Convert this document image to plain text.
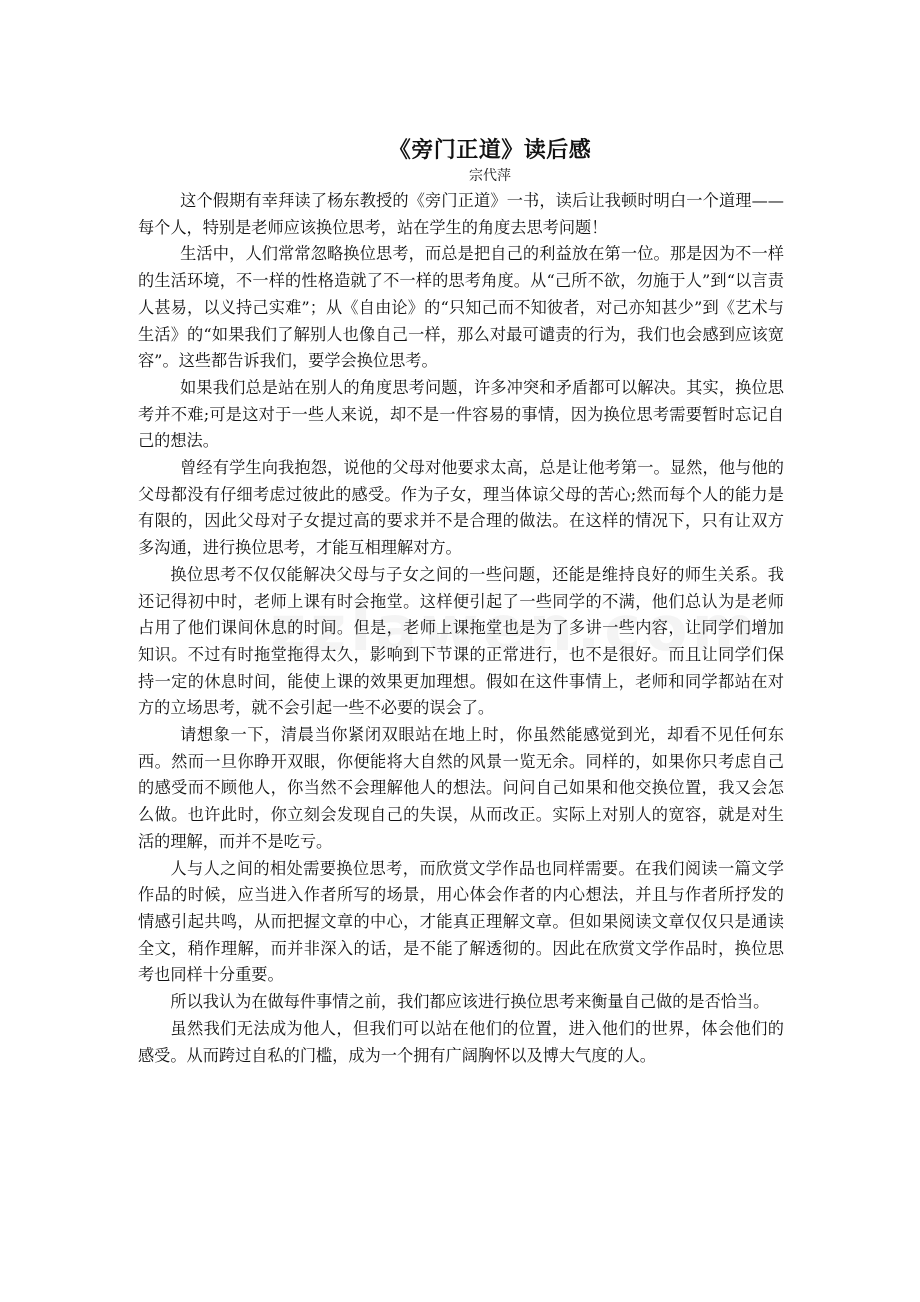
《旁门正道》读后感
宗代萍

这个假期有幸拜读了杨东教授的《旁门正道》一书，读后让我顿时明白一个道理——每个人，特别是老师应该换位思考，站在学生的角度去思考问题！

生活中，人们常常忽略换位思考，而总是把自己的利益放在第一位。那是因为不一样的生活环境，不一样的性格造就了不一样的思考角度。从“己所不欲，勿施于人”到“以言责人甚易，以义持己实难”；从《自由论》的“只知己而不知彼者，对己亦知甚少”到《艺术与生活》的“如果我们了解别人也像自己一样，那么对最可谴责的行为，我们也会感到应该宽容”。这些都告诉我们，要学会换位思考。

如果我们总是站在别人的角度思考问题，许多冲突和矛盾都可以解决。其实，换位思考并不难;可是这对于一些人来说，却不是一件容易的事情，因为换位思考需要暂时忘记自己的想法。

曾经有学生向我抱怨，说他的父母对他要求太高，总是让他考第一。显然，他与他的父母都没有仔细考虑过彼此的感受。作为子女，理当体谅父母的苦心;然而每个人的能力是有限的，因此父母对子女提过高的要求并不是合理的做法。在这样的情况下，只有让双方多沟通，进行换位思考，才能互相理解对方。

换位思考不仅仅能解决父母与子女之间的一些问题，还能是维持良好的师生关系。我还记得初中时，老师上课有时会拖堂。这样便引起了一些同学的不满，他们总认为是老师占用了他们课间休息的时间。但是，老师上课拖堂也是为了多讲一些内容，让同学们增加知识。不过有时拖堂拖得太久，影响到下节课的正常进行，也不是很好。而且让同学们保持一定的休息时间，能使上课的效果更加理想。假如在这件事情上，老师和同学都站在对方的立场思考，就不会引起一些不必要的误会了。

请想象一下，清晨当你紧闭双眼站在地上时，你虽然能感觉到光，却看不见任何东西。然而一旦你睁开双眼，你便能将大自然的风景一览无余。同样的，如果你只考虑自己的感受而不顾他人，你当然不会理解他人的想法。问问自己如果和他交换位置，我又会怎么做。也许此时，你立刻会发现自己的失误，从而改正。实际上对别人的宽容，就是对生活的理解，而并不是吃亏。

人与人之间的相处需要换位思考，而欣赏文学作品也同样需要。在我们阅读一篇文学作品的时候，应当进入作者所写的场景，用心体会作者的内心想法，并且与作者所抒发的情感引起共鸣，从而把握文章的中心，才能真正理解文章。但如果阅读文章仅仅只是通读全文，稍作理解，而并非深入的话，是不能了解透彻的。因此在欣赏文学作品时，换位思考也同样十分重要。

所以我认为在做每件事情之前，我们都应该进行换位思考来衡量自己做的是否恰当。

虽然我们无法成为他人，但我们可以站在他们的位置，进入他们的世界，体会他们的感受。从而跨过自私的门槛，成为一个拥有广阔胸怀以及博大气度的人。
